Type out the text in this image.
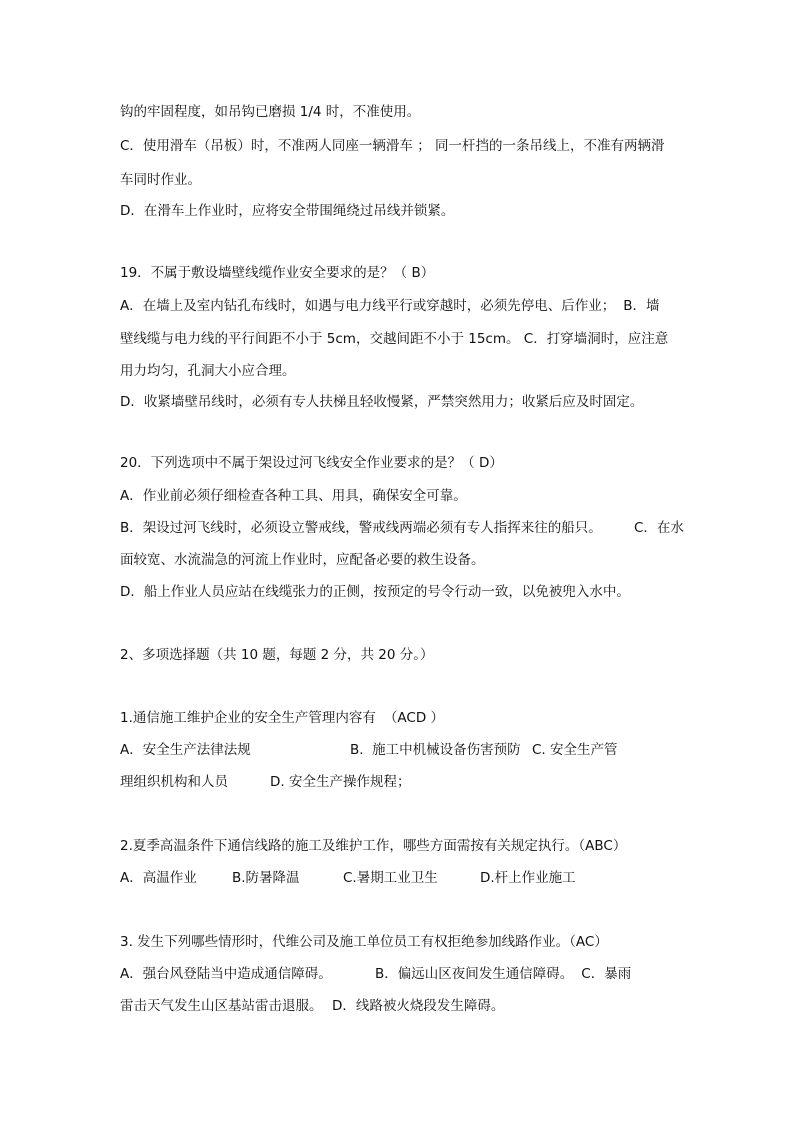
钩的牢固程度，如吊钩已磨损 1/4 时，不准使用。
C．使用滑车（吊板）时，不准两人同座一辆滑车 ； 同一杆挡的一条吊线上，不准有两辆滑
车同时作业。
D．在滑车上作业时，应将安全带围绳绕过吊线并锁紧。
19．不属于敷设墙壁线缆作业安全要求的是？（ B）
A．在墙上及室内钻孔布线时，如遇与电力线平行或穿越时，必须先停电、后作业； B．墙
壁线缆与电力线的平行间距不小于 5cm，交越间距不小于 15cm。 C．打穿墙洞时，应注意
用力均匀，孔洞大小应合理。
D．收紧墙壁吊线时，必须有专人扶梯且轻收慢紧，严禁突然用力；收紧后应及时固定。
20．下列选项中不属于架设过河飞线安全作业要求的是？（ D）
A．作业前必须仔细检查各种工具、用具，确保安全可靠。
B．架设过河飞线时，必须设立警戒线，警戒线两端必须有专人指挥来往的船只。	C．在水
面较宽、水流湍急的河流上作业时，应配备必要的救生设备。
D．船上作业人员应站在线缆张力的正侧，按预定的号令行动一致，以免被兜入水中。
2、多项选择题（共 10 题，每题 2 分，共 20 分。）
1.通信施工维护企业的安全生产管理内容有 （ACD ）
A．安全生产法律法规	B.  施工中机械设备伤害预防 C. 安全生产管
理组织机构和人员	D. 安全生产操作规程；
2.夏季高温条件下通信线路的施工及维护工作，哪些方面需按有关规定执行。（ABC）
A．高温作业	B.防暑降温	C.暑期工业卫生	D.杆上作业施工
3. 发生下列哪些情形时，代维公司及施工单位员工有权拒绝参加线路作业。（AC）
A．强台风登陆当中造成通信障碍。	B．偏远山区夜间发生通信障碍。 C．暴雨
雷击天气发生山区基站雷击退服。 D．线路被火烧段发生障碍。
